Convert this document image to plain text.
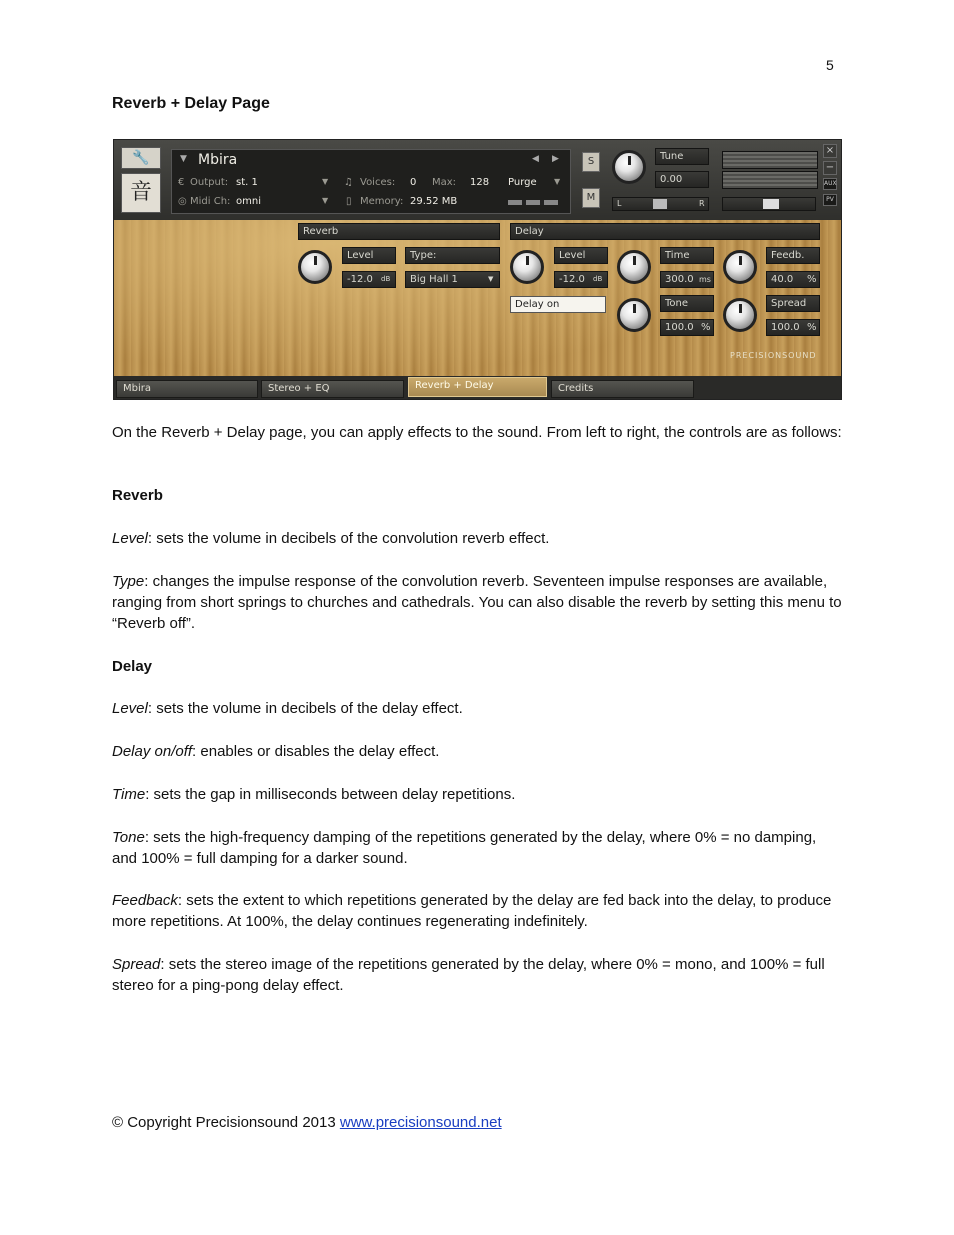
5
Reverb + Delay Page
🔧
音
▼ Mbira	◀ ▶
€ Output: st. 1	▼ ♫ Voices: 0 Max: 128 Purge ▼
◎ Midi Ch: omni	▼ ▯ Memory: 29.52 MB
S
M
Tune
0.00
L	R
×
−
AUX
PV
Reverb	Delay
Level
-12.0 dB
Type:
Big Hall 1	▼
Level
-12.0 dB
Delay on
Time
300.0 ms
Tone
100.0 %
Feedb.
40.0 %
Spread
100.0 %
PRECISIONSOUND
Mbira	Stereo + EQ	Reverb + Delay	Credits

On the Reverb + Delay page, you can apply effects to the sound. From left to right, the controls are as follows:

Reverb

Level: sets the volume in decibels of the convolution reverb effect.

Type: changes the impulse response of the convolution reverb. Seventeen impulse responses are available, ranging from short springs to churches and cathedrals. You can also disable the reverb by setting this menu to “Reverb off”.

Delay

Level: sets the volume in decibels of the delay effect.

Delay on/off: enables or disables the delay effect.

Time: sets the gap in milliseconds between delay repetitions.

Tone: sets the high-frequency damping of the repetitions generated by the delay, where 0% = no damping, and 100% = full damping for a darker sound.

Feedback: sets the extent to which repetitions generated by the delay are fed back into the delay, to produce more repetitions. At 100%, the delay continues regenerating indefinitely.

Spread: sets the stereo image of the repetitions generated by the delay, where 0% = mono, and 100% = full stereo for a ping-pong delay effect.

© Copyright Precisionsound 2013 www.precisionsound.net
